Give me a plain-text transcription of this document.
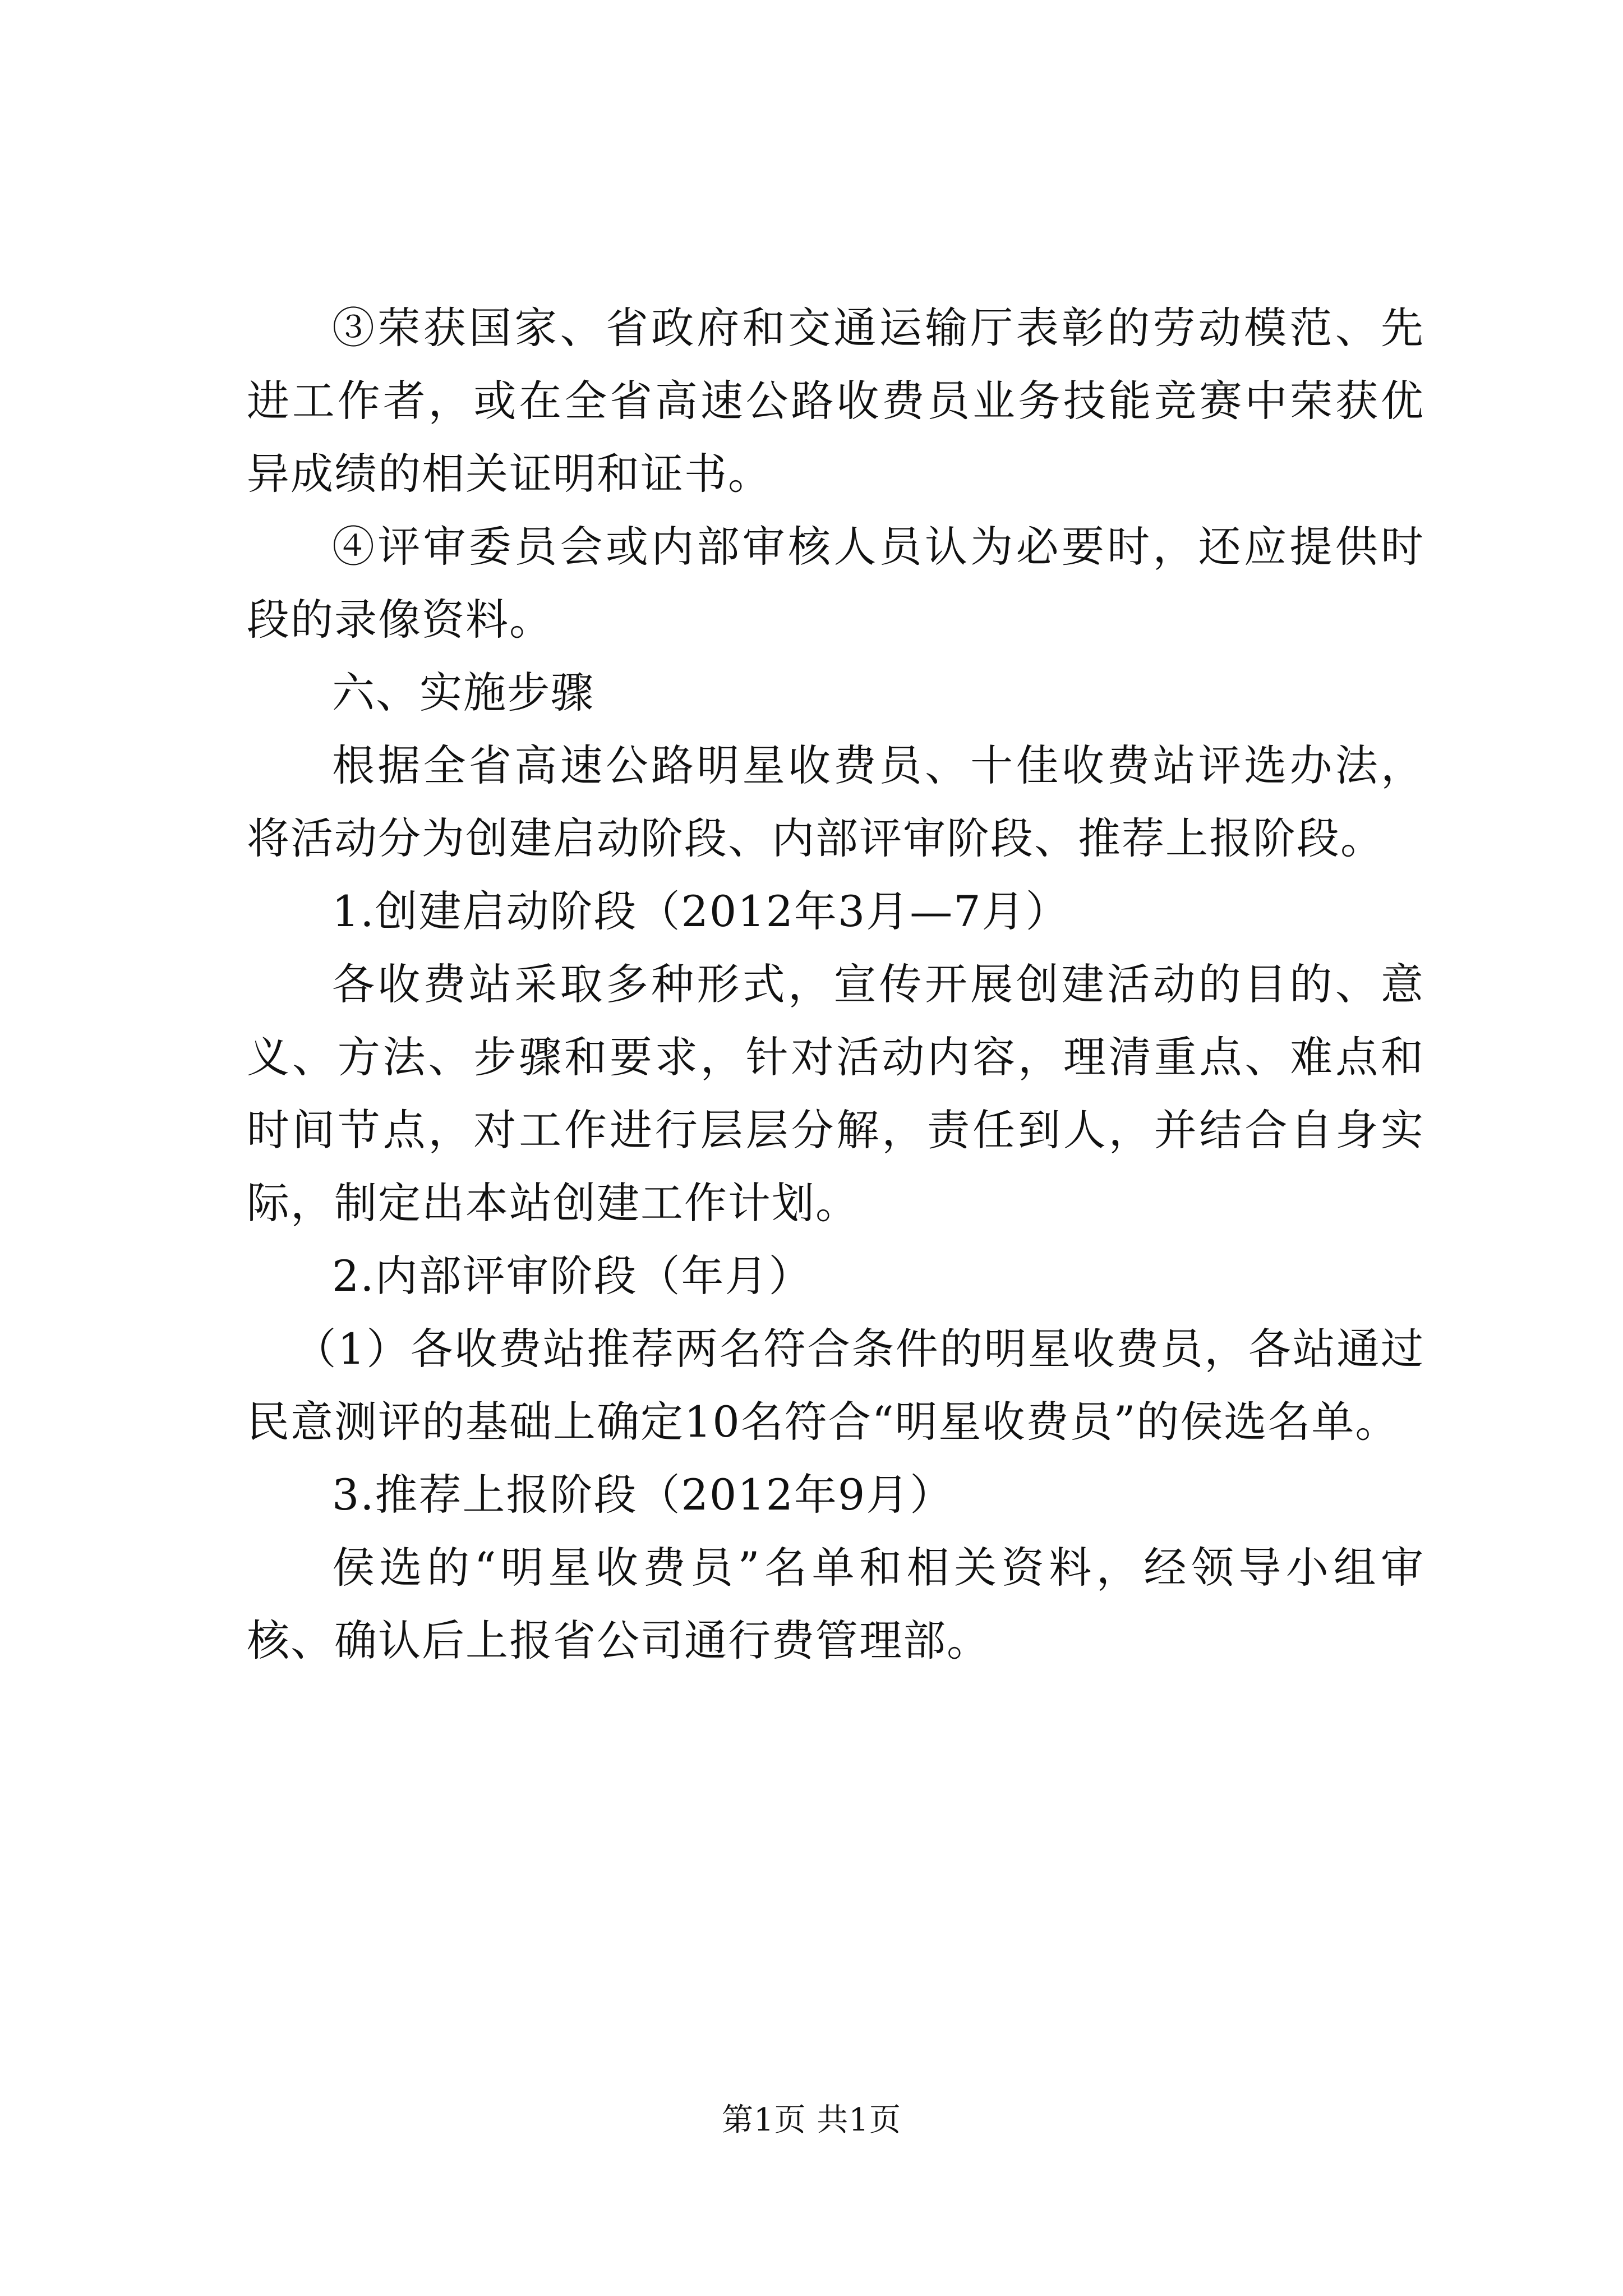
③荣获国家、省政府和交通运输厅表彰的劳动模范、先进工作者，或在全省高速公路收费员业务技能竞赛中荣获优异成绩的相关证明和证书。

④评审委员会或内部审核人员认为必要时，还应提供时段的录像资料。

六、实施步骤

根据全省高速公路明星收费员、十佳收费站评选办法，将活动分为创建启动阶段、内部评审阶段、推荐上报阶段。

1.创建启动阶段（2012年3月—7月）

各收费站采取多种形式，宣传开展创建活动的目的、意义、方法、步骤和要求，针对活动内容，理清重点、难点和时间节点，对工作进行层层分解，责任到人，并结合自身实际，制定出本站创建工作计划。

2.内部评审阶段（年月）

（1）各收费站推荐两名符合条件的明星收费员，各站通过民意测评的基础上确定10名符合“明星收费员”的侯选名单。

3.推荐上报阶段（2012年9月）

侯选的“明星收费员”名单和相关资料，经领导小组审核、确认后上报省公司通行费管理部。

第1页 共1页
